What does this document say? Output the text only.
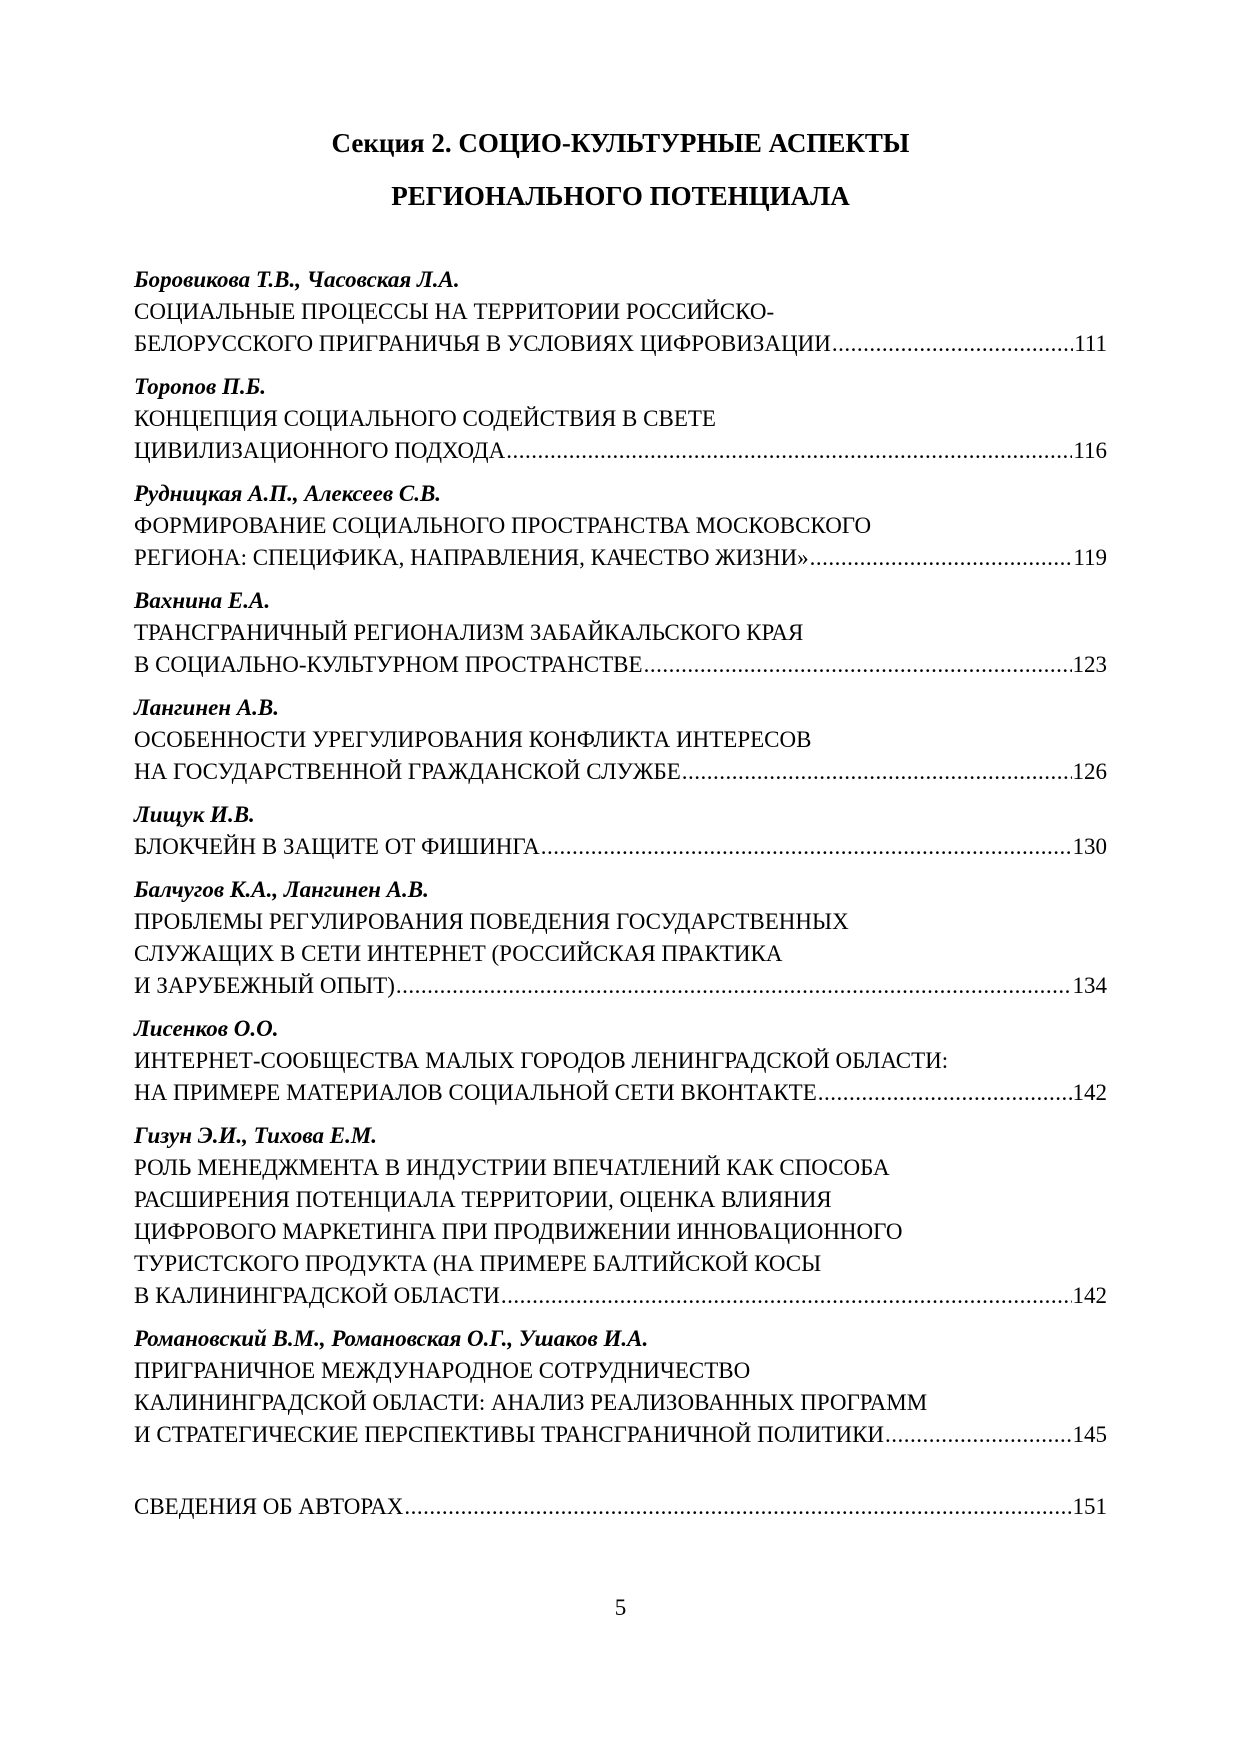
Секция 2. СОЦИО-КУЛЬТУРНЫЕ АСПЕКТЫ
РЕГИОНАЛЬНОГО ПОТЕНЦИАЛА
Боровикова Т.В., Часовская Л.А.
СОЦИАЛЬНЫЕ ПРОЦЕССЫ НА ТЕРРИТОРИИ РОССИЙСКО-
БЕЛОРУССКОГО ПРИГРАНИЧЬЯ В УСЛОВИЯХ ЦИФРОВИЗАЦИИ .....	111
Торопов П.Б.
КОНЦЕПЦИЯ СОЦИАЛЬНОГО СОДЕЙСТВИЯ В СВЕТЕ
ЦИВИЛИЗАЦИОННОГО ПОДХОДА .....	116
Рудницкая А.П., Алексеев С.В.
ФОРМИРОВАНИЕ СОЦИАЛЬНОГО ПРОСТРАНСТВА МОСКОВСКОГО
РЕГИОНА: СПЕЦИФИКА, НАПРАВЛЕНИЯ, КАЧЕСТВО ЖИЗНИ» .....	119
Вахнина Е.А.
ТРАНСГРАНИЧНЫЙ РЕГИОНАЛИЗМ ЗАБАЙКАЛЬСКОГО КРАЯ
В СОЦИАЛЬНО-КУЛЬТУРНОМ ПРОСТРАНСТВЕ .....	123
Лангинен А.В.
ОСОБЕННОСТИ УРЕГУЛИРОВАНИЯ КОНФЛИКТА ИНТЕРЕСОВ
НА ГОСУДАРСТВЕННОЙ ГРАЖДАНСКОЙ СЛУЖБЕ .....	126
Лищук И.В.
БЛОКЧЕЙН В ЗАЩИТЕ ОТ ФИШИНГА .....	130
Балчугов К.А., Лангинен А.В.
ПРОБЛЕМЫ РЕГУЛИРОВАНИЯ ПОВЕДЕНИЯ ГОСУДАРСТВЕННЫХ
СЛУЖАЩИХ В СЕТИ ИНТЕРНЕТ (РОССИЙСКАЯ ПРАКТИКА
И ЗАРУБЕЖНЫЙ ОПЫТ) .....	134
Лисенков О.О.
ИНТЕРНЕТ-СООБЩЕСТВА МАЛЫХ ГОРОДОВ ЛЕНИНГРАДСКОЙ ОБЛАСТИ:
НА ПРИМЕРЕ МАТЕРИАЛОВ СОЦИАЛЬНОЙ СЕТИ ВКОНТАКТЕ .....	142
Гизун Э.И., Тихова Е.М.
РОЛЬ МЕНЕДЖМЕНТА В ИНДУСТРИИ ВПЕЧАТЛЕНИЙ КАК СПОСОБА
РАСШИРЕНИЯ ПОТЕНЦИАЛА ТЕРРИТОРИИ, ОЦЕНКА ВЛИЯНИЯ
ЦИФРОВОГО МАРКЕТИНГА ПРИ ПРОДВИЖЕНИИ ИННОВАЦИОННОГО
ТУРИСТСКОГО ПРОДУКТА (НА ПРИМЕРЕ БАЛТИЙСКОЙ КОСЫ
В КАЛИНИНГРАДСКОЙ ОБЛАСТИ .....	142
Романовский В.М., Романовская О.Г., Ушаков И.А.
ПРИГРАНИЧНОЕ МЕЖДУНАРОДНОЕ СОТРУДНИЧЕСТВО
КАЛИНИНГРАДСКОЙ ОБЛАСТИ: АНАЛИЗ РЕАЛИЗОВАННЫХ ПРОГРАММ
И СТРАТЕГИЧЕСКИЕ ПЕРСПЕКТИВЫ ТРАНСГРАНИЧНОЙ ПОЛИТИКИ .....	145
СВЕДЕНИЯ ОБ АВТОРАХ .....	151
5
